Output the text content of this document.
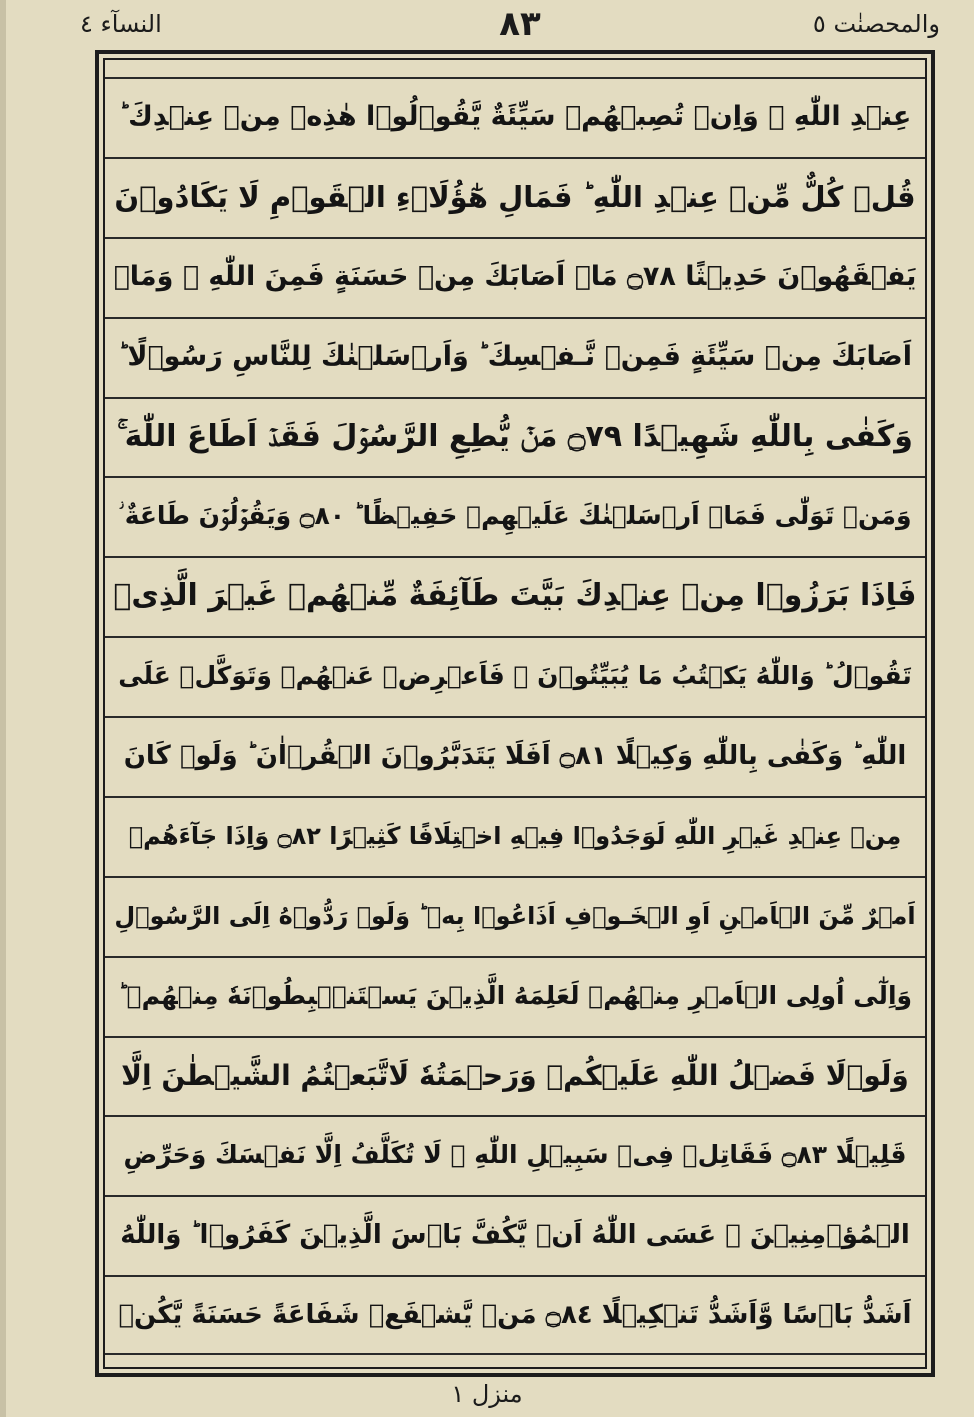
النسآء ٤	٨٣	والمحصنٰت ٥
عِنۡدِ اللّٰهِ ۚ وَاِنۡ تُصِبۡهُمۡ سَيِّئَةٌ يَّقُوۡلُوۡا هٰذِهٖ مِنۡ عِنۡدِكَ ؕ
قُلۡ كُلٌّ مِّنۡ عِنۡدِ اللّٰهِ ؕ فَمَالِ هٰٓؤُلَاۤءِ الۡقَوۡمِ لَا يَكَادُوۡنَ
يَفۡقَهُوۡنَ حَدِيۡثًا ۝٧٨ مَاۤ اَصَابَكَ مِنۡ حَسَنَةٍ فَمِنَ اللّٰهِ ۚ وَمَاۤ
اَصَابَكَ مِنۡ سَيِّئَةٍ فَمِنۡ نَّـفۡسِكَ ؕ وَاَرۡسَلۡنٰكَ لِلنَّاسِ رَسُوۡلًا ؕ
وَكَفٰى بِاللّٰهِ شَهِيۡدًا ۝٧٩ مَنۡ يُّطِعِ الرَّسُوۡلَ فَقَدۡ اَطَاعَ اللّٰهَ ۚ
وَمَنۡ تَوَلّٰى فَمَاۤ اَرۡسَلۡنٰكَ عَلَيۡهِمۡ حَفِيۡظًا ؕ ۝٨٠ وَيَقُوۡلُوۡنَ طَاعَةٌ ؗ
فَاِذَا بَرَزُوۡا مِنۡ عِنۡدِكَ بَيَّتَ طَآئِفَةٌ مِّنۡهُمۡ غَيۡرَ الَّذِىۡ
تَقُوۡلُ ؕ وَاللّٰهُ يَكۡتُبُ مَا يُبَيِّتُوۡنَ ۚ فَاَعۡرِضۡ عَنۡهُمۡ وَتَوَكَّلۡ عَلَى
اللّٰهِ ؕ وَكَفٰى بِاللّٰهِ وَكِيۡلًا ۝٨١ اَفَلَا يَتَدَبَّرُوۡنَ الۡقُرۡاٰنَ ؕ وَلَوۡ كَانَ
مِنۡ عِنۡدِ غَيۡرِ اللّٰهِ لَوَجَدُوۡا فِيۡهِ اخۡتِلَافًا كَثِيۡرًا ۝٨٢ وَاِذَا جَآءَهُمۡ
اَمۡرٌ مِّنَ الۡاَمۡنِ اَوِ الۡخَـوۡفِ اَذَاعُوۡا بِهٖ ؕ وَلَوۡ رَدُّوۡهُ اِلَى الرَّسُوۡلِ
وَاِلٰٓى اُولِى الۡاَمۡرِ مِنۡهُمۡ لَعَلِمَهُ الَّذِيۡنَ يَسۡتَنۡۢبِطُوۡنَهٗ مِنۡهُمۡ ؕ
وَلَوۡلَا فَضۡلُ اللّٰهِ عَلَيۡكُمۡ وَرَحۡمَتُهٗ لَاتَّبَعۡتُمُ الشَّيۡطٰنَ اِلَّا
قَلِيۡلًا ۝٨٣ فَقَاتِلۡ فِىۡ سَبِيۡلِ اللّٰهِ ۚ لَا تُكَلَّفُ اِلَّا نَفۡسَكَ وَحَرِّضِ
الۡمُؤۡمِنِيۡنَ ۚ عَسَى اللّٰهُ اَنۡ يَّكُفَّ بَاۡسَ الَّذِيۡنَ كَفَرُوۡا ؕ وَاللّٰهُ
اَشَدُّ بَاۡسًا وَّاَشَدُّ تَنۡكِيۡلًا ۝٨٤ مَنۡ يَّشۡفَعۡ شَفَاعَةً حَسَنَةً يَّكُنۡ
منزل ١
